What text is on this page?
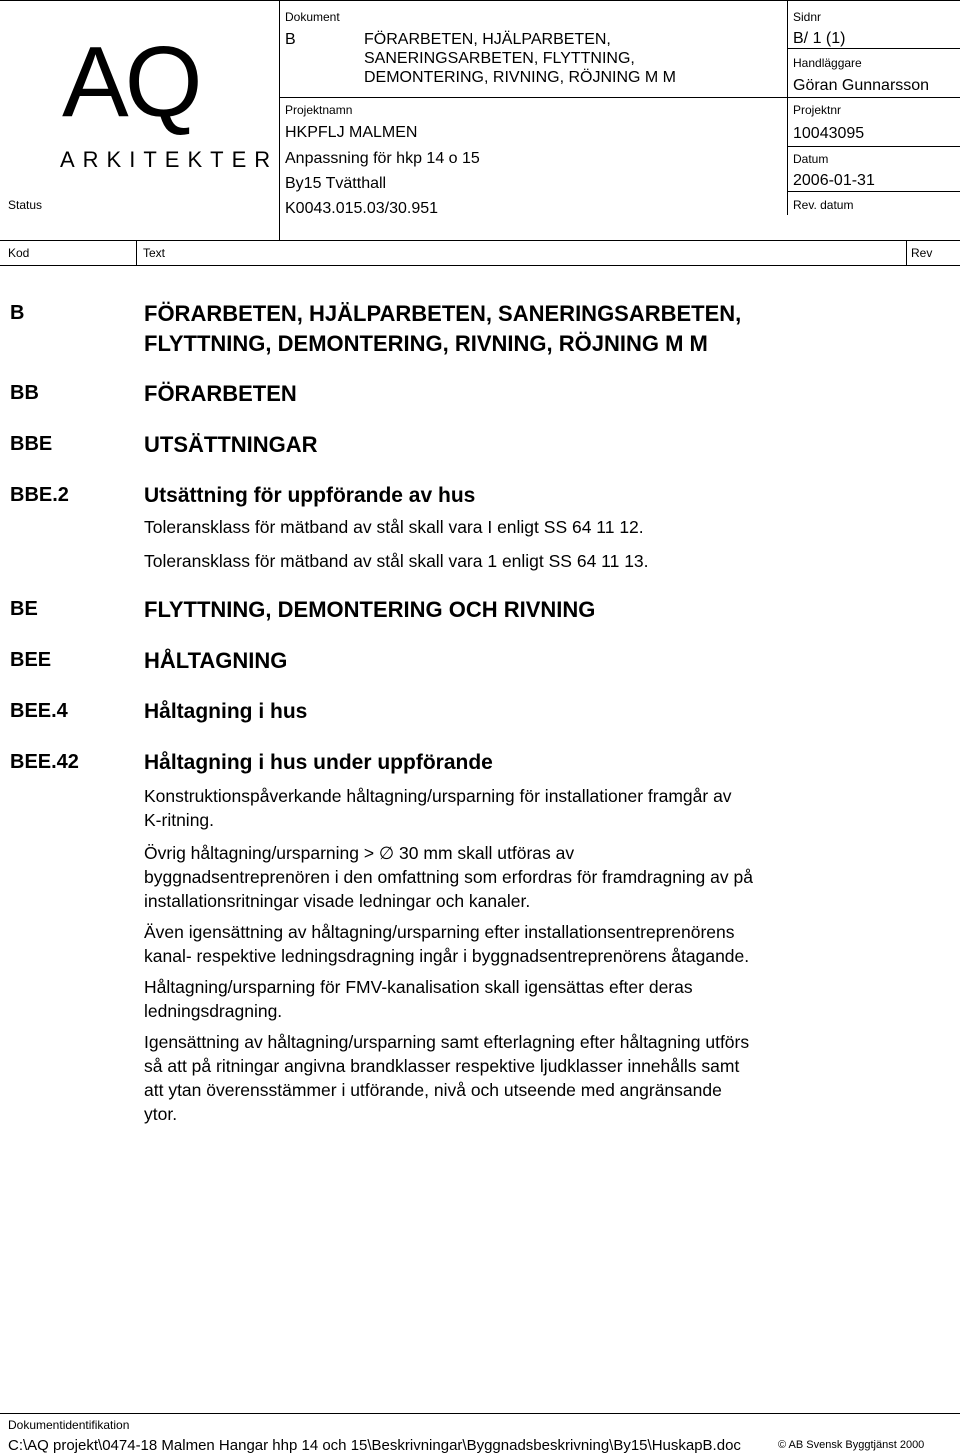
AQ
ARKITEKTER
Status
Dokument
B	FÖRARBETEN, HJÄLPARBETEN,
SANERINGSARBETEN, FLYTTNING,
DEMONTERING, RIVNING, RÖJNING M M
Projektnamn
HKPFLJ MALMEN
Anpassning för hkp 14 o 15
By15 Tvätthall
K0043.015.03/30.951
Sidnr
B/ 1 (1)
Handläggare
Göran Gunnarsson
Projektnr
10043095
Datum
2006-01-31
Rev. datum
Kod	Text	Rev
B	FÖRARBETEN, HJÄLPARBETEN, SANERINGSARBETEN,
FLYTTNING, DEMONTERING, RIVNING, RÖJNING M M
BB	FÖRARBETEN
BBE	UTSÄTTNINGAR
BBE.2	Utsättning för uppförande av hus
Toleransklass för mätband av stål skall vara I enligt SS 64 11 12.
Toleransklass för mätband av stål skall vara 1 enligt SS 64 11 13.
BE	FLYTTNING, DEMONTERING OCH RIVNING
BEE	HÅLTAGNING
BEE.4	Håltagning i hus
BEE.42	Håltagning i hus under uppförande
Konstruktionspåverkande håltagning/ursparning för installationer framgår av
K-ritning.
Övrig håltagning/ursparning > ∅ 30 mm skall utföras av
byggnadsentreprenören i den omfattning som erfordras för framdragning av på
installationsritningar visade ledningar och kanaler.
Även igensättning av håltagning/ursparning efter installationsentreprenörens
kanal- respektive ledningsdragning ingår i byggnadsentreprenörens åtagande.
Håltagning/ursparning för FMV-kanalisation skall igensättas efter deras
ledningsdragning.
Igensättning av håltagning/ursparning samt efterlagning efter håltagning utförs
så att på ritningar angivna brandklasser respektive ljudklasser innehålls samt
att ytan överensstämmer i utförande, nivå och utseende med angränsande
ytor.
Dokumentidentifikation
C:\AQ projekt\0474-18 Malmen Hangar hhp 14 och 15\Beskrivningar\Byggnadsbeskrivning\By15\HuskapB.doc	© AB Svensk Byggtjänst 2000
